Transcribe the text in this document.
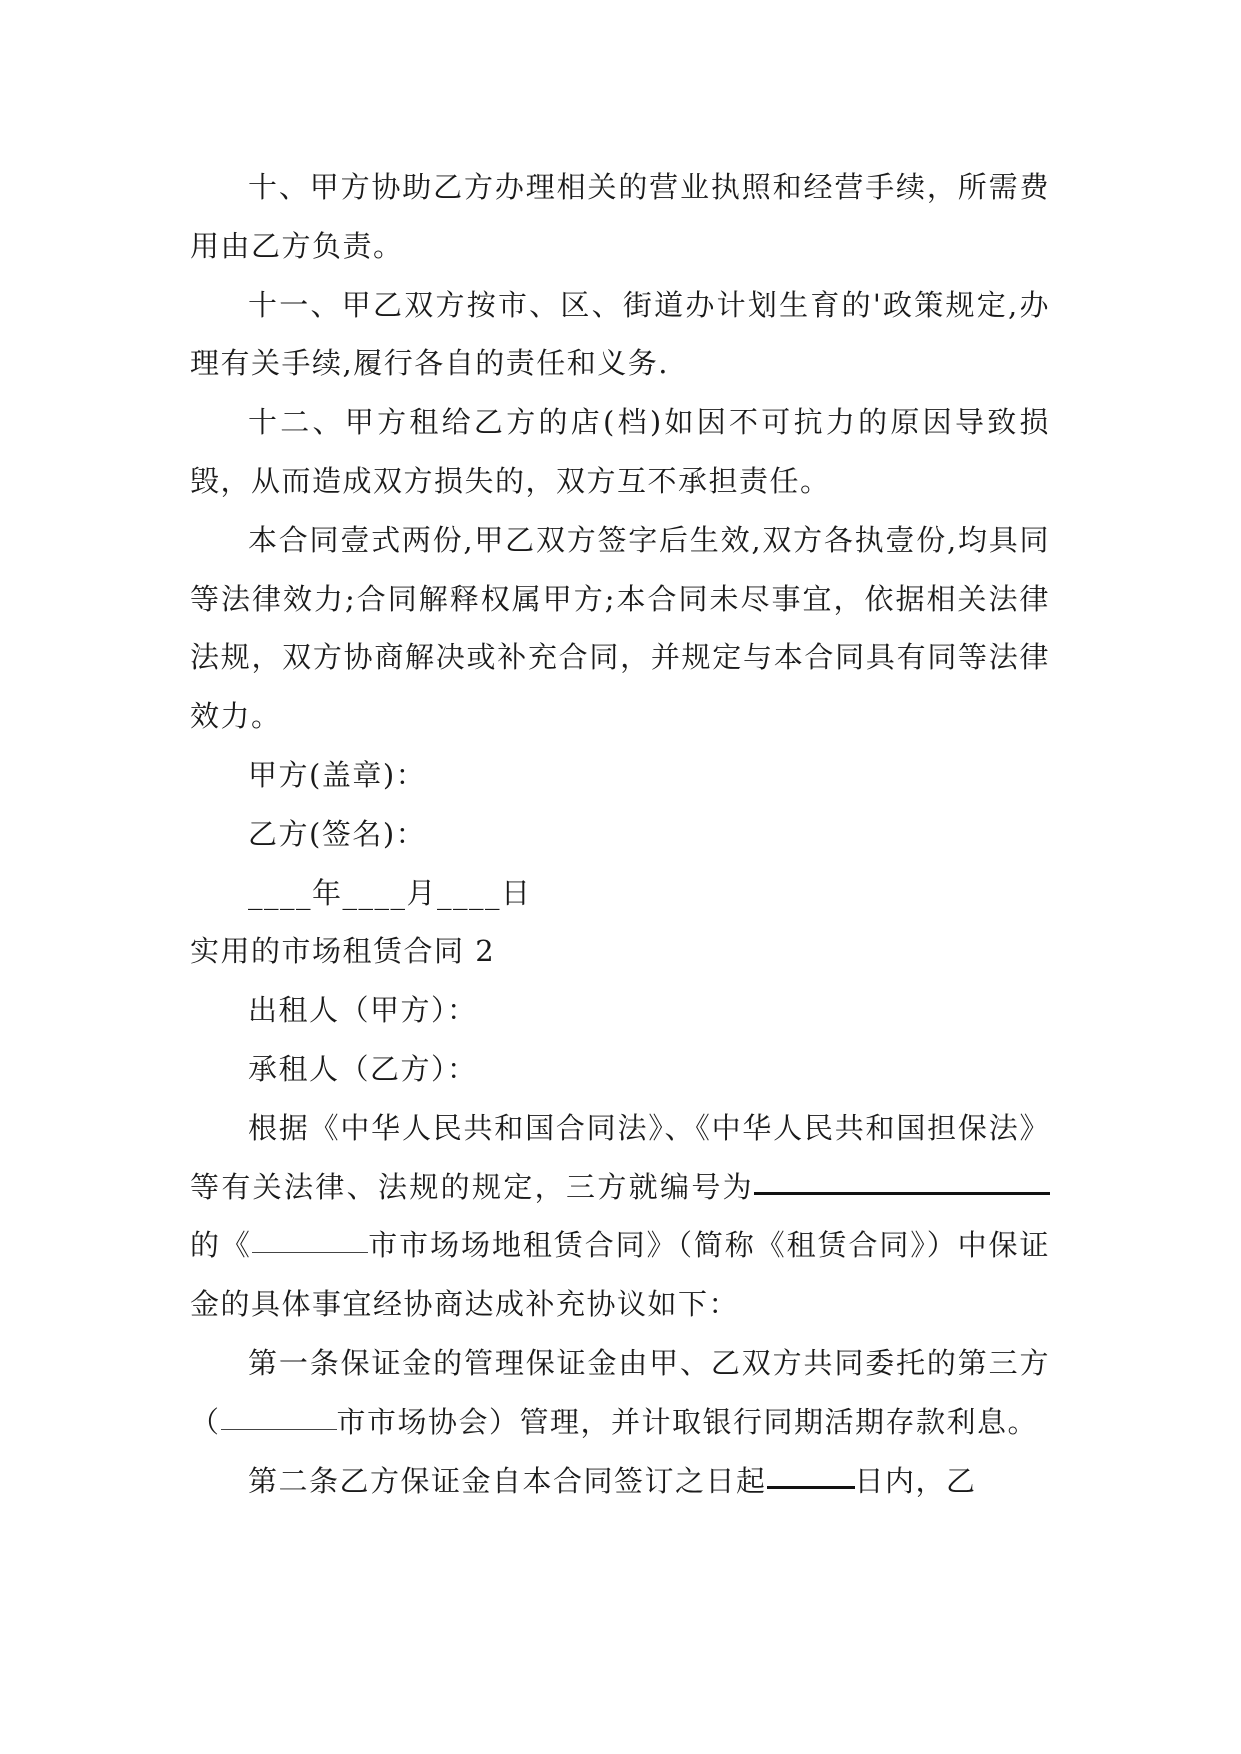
十、甲方协助乙方办理相关的营业执照和经营手续，所需费用由乙方负责。

十一、甲乙双方按市、区、街道办计划生育的'政策规定,办理有关手续,履行各自的责任和义务.

十二、甲方租给乙方的店(档)如因不可抗力的原因导致损毁，从而造成双方损失的，双方互不承担责任。

本合同壹式两份,甲乙双方签字后生效,双方各执壹份,均具同等法律效力;合同解释权属甲方;本合同未尽事宜，依据相关法律法规，双方协商解决或补充合同，并规定与本合同具有同等法律效力。

甲方(盖章)：

乙方(签名)：

____年____月____日

实用的市场租赁合同 2

出租人（甲方）：

承租人（乙方）：

根据《中华人民共和国合同法》、《中华人民共和国担保法》等有关法律、法规的规定，三方就编号为的《	市市场场地租赁合同》（简称《租赁合同》）中保证金的具体事宜经协商达成补充协议如下：

第一条保证金的管理保证金由甲、乙双方共同委托的第三方（	市市场协会）管理，并计取银行同期活期存款利息。

第二条乙方保证金自本合同签订之日起	日内，乙
